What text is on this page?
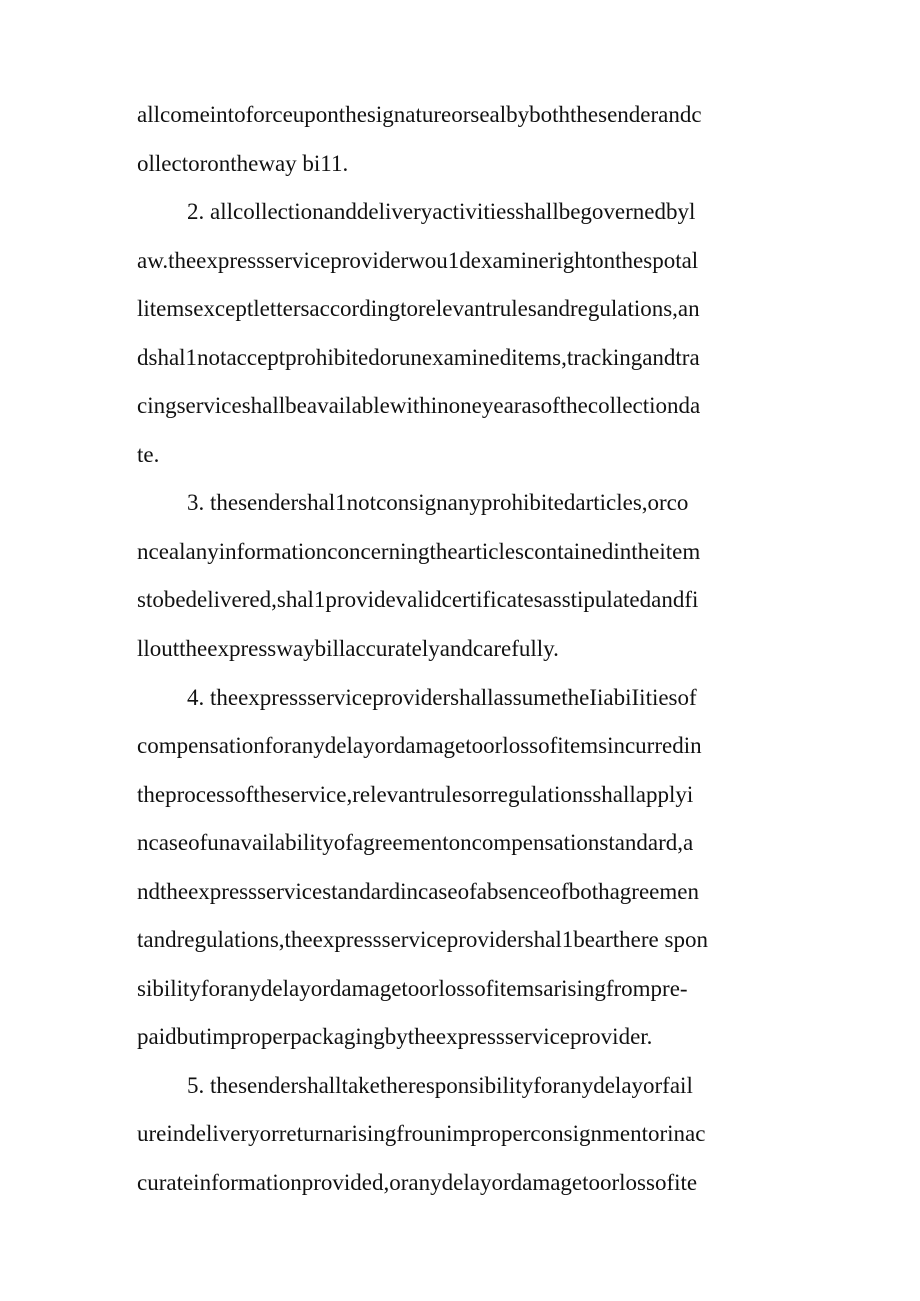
allcomeintoforceuponthesignatureorsealbyboththesenderandc
ollectorontheway bi11.
2. allcollectionanddeliveryactivitiesshallbegovernedbyl
aw.theexpressserviceproviderwou1dexaminerightonthespotal
litemsexceptlettersaccordingtorelevantrulesandregulations,an
dshal1notacceptprohibitedorunexamineditems,trackingandtra
cingserviceshallbeavailablewithinoneyearasofthecollectionda
te.
3. thesendershal1notconsignanyprohibitedarticles,orco
ncealanyinformationconcerningthearticlescontainedintheitem
stobedelivered,shal1providevalidcertificatesasstipulatedandfi
llouttheexpresswaybillaccuratelyandcarefully.
4. theexpressserviceprovidershallassumetheIiabiIitiesof
compensationforanydelayordamagetoorlossofitemsincurredin
theprocessoftheservice,relevantrulesorregulationsshallapplyi
ncaseofunavailabilityofagreementoncompensationstandard,a
ndtheexpressservicestandardincaseofabsenceofbothagreemen
tandregulations,theexpressserviceprovidershal1bearthere spon
sibilityforanydelayordamagetoorlossofitemsarisingfrompre-
paidbutimproperpackagingbytheexpressserviceprovider.
5. thesendershalltaketheresponsibilityforanydelayorfail
ureindeliveryorreturnarisingfrounimproperconsignmentorinac
curateinformationprovided,oranydelayordamagetoorlossofite
